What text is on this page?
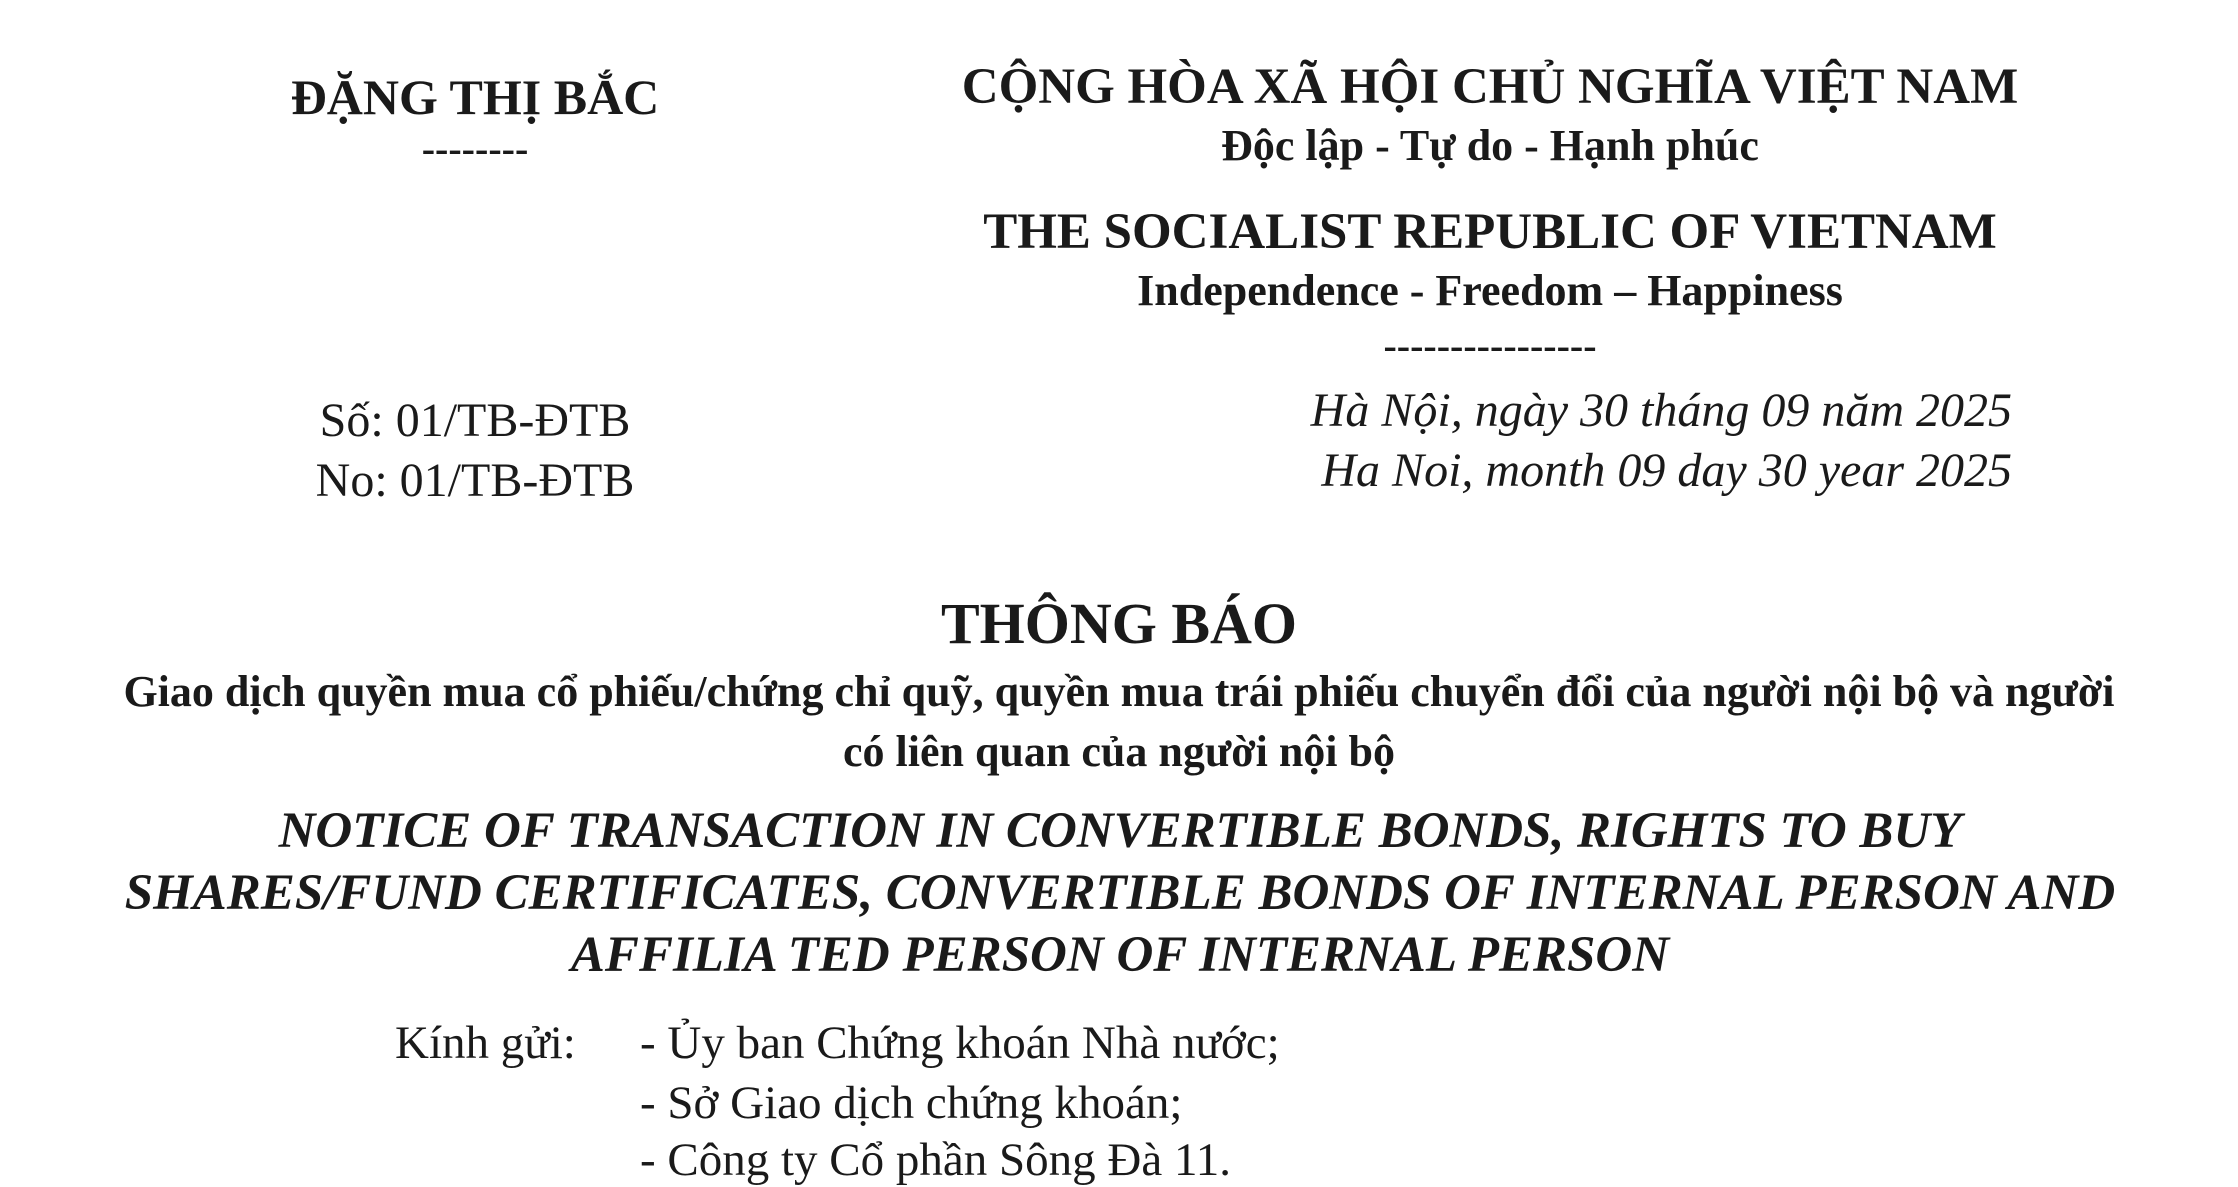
ĐẶNG THỊ BẮC
--------
CỘNG HÒA XÃ HỘI CHỦ NGHĨA VIỆT NAM
Độc lập - Tự do - Hạnh phúc
THE SOCIALIST REPUBLIC OF VIETNAM
Independence - Freedom – Happiness
----------------
Số: 01/TB-ĐTB
No: 01/TB-ĐTB
Hà Nội, ngày 30 tháng 09 năm 2025
Ha Noi, month 09 day 30 year 2025
THÔNG BÁO
Giao dịch quyền mua cổ phiếu/chứng chỉ quỹ, quyền mua trái phiếu chuyển đổi của người nội bộ và người có liên quan của người nội bộ
NOTICE OF TRANSACTION IN CONVERTIBLE BONDS, RIGHTS TO BUY SHARES/FUND CERTIFICATES, CONVERTIBLE BONDS OF INTERNAL PERSON AND AFFILIA TED PERSON OF INTERNAL PERSON
Kính gửi: - Ủy ban Chứng khoán Nhà nước;
- Sở Giao dịch chứng khoán;
- Công ty Cổ phần Sông Đà 11.
